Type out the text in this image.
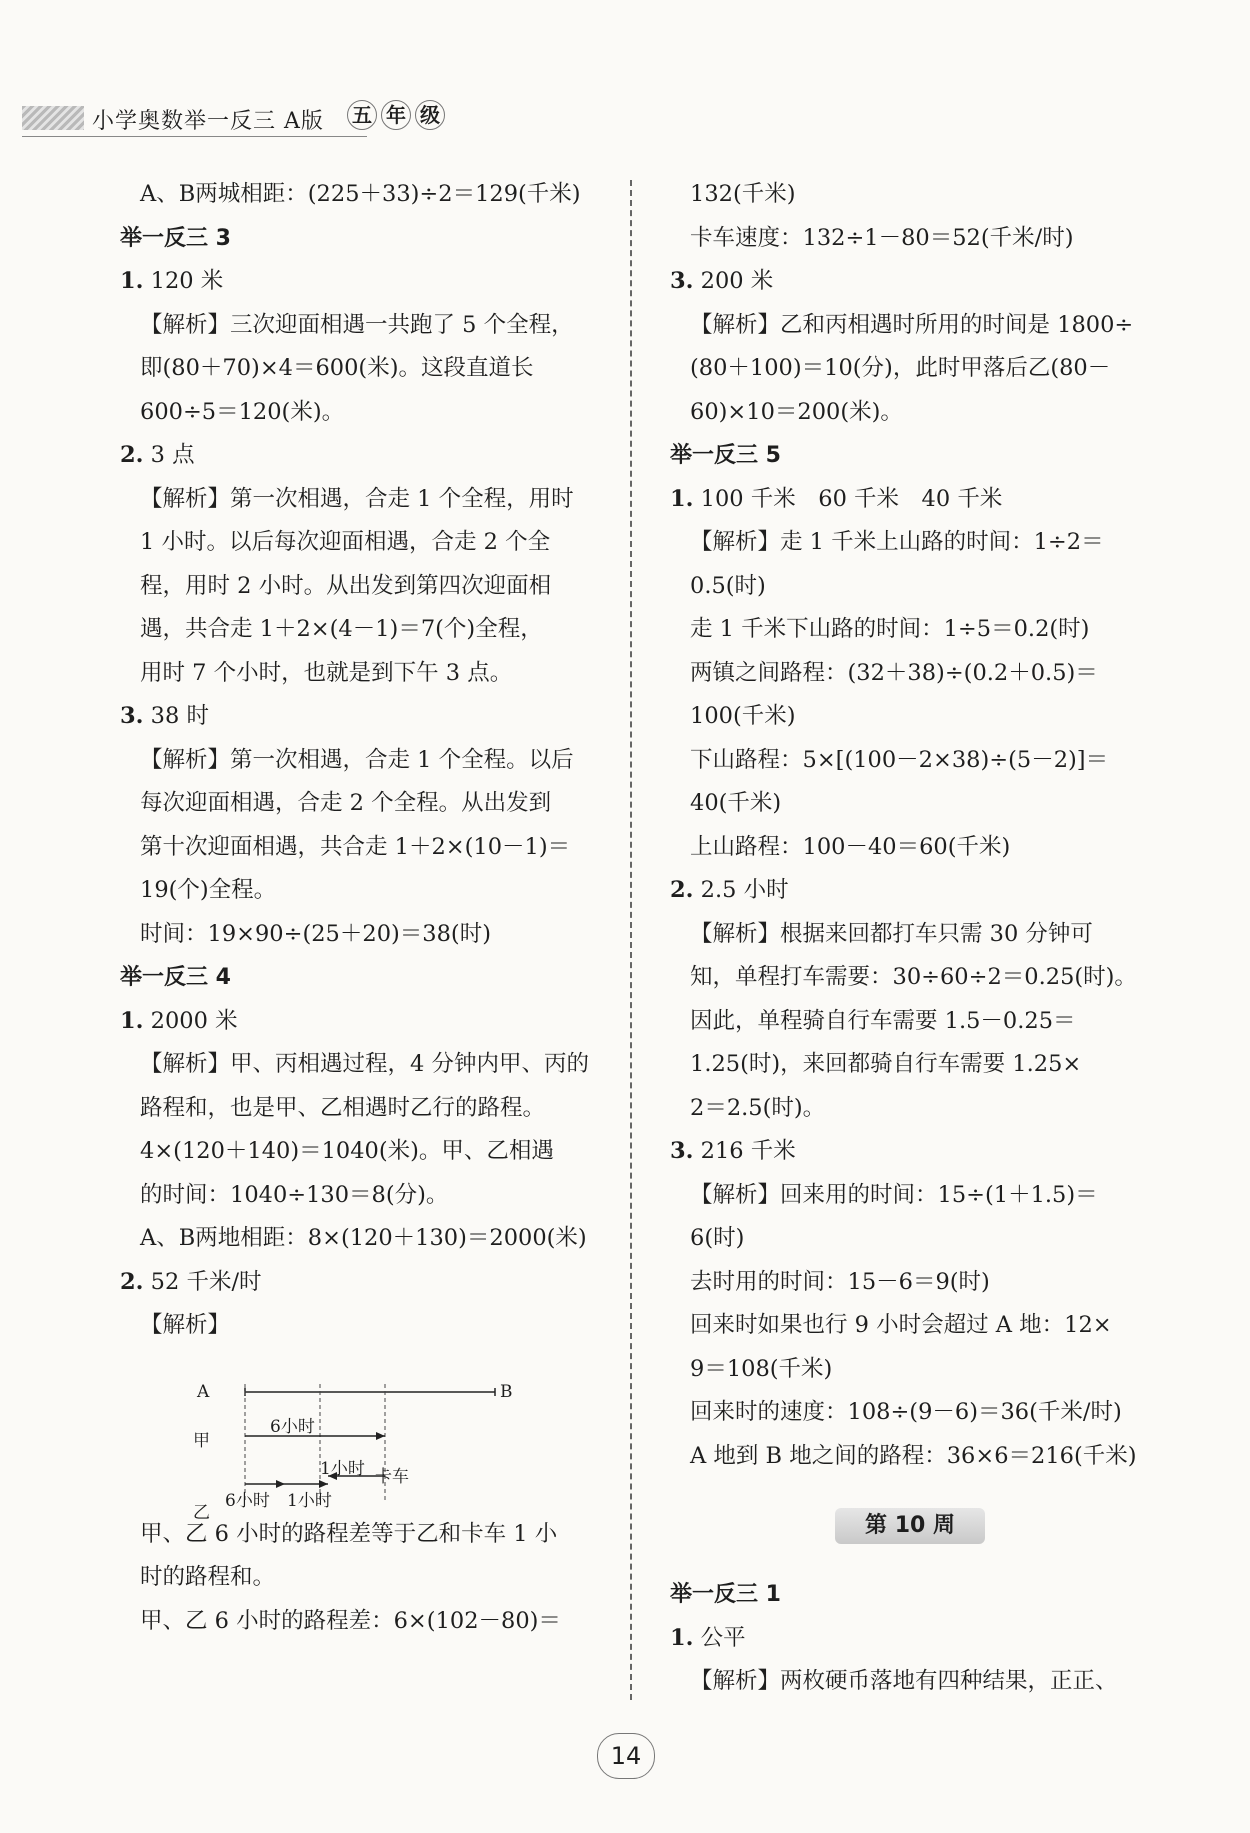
小学奥数举一反三 A版 五 年 级
A、B两城相距：(225＋33)÷2＝129(千米)
举一反三 3
1. 120 米
【解析】三次迎面相遇一共跑了 5 个全程，
即(80＋70)×4＝600(米)。这段直道长
600÷5＝120(米)。
2. 3 点
【解析】第一次相遇，合走 1 个全程，用时
1 小时。以后每次迎面相遇，合走 2 个全
程，用时 2 小时。从出发到第四次迎面相
遇，共合走 1＋2×(4－1)＝7(个)全程，
用时 7 个小时，也就是到下午 3 点。
3. 38 时
【解析】第一次相遇，合走 1 个全程。以后
每次迎面相遇，合走 2 个全程。从出发到
第十次迎面相遇，共合走 1＋2×(10－1)＝
19(个)全程。
时间：19×90÷(25＋20)＝38(时)
举一反三 4
1. 2000 米
【解析】甲、丙相遇过程，4 分钟内甲、丙的
路程和，也是甲、乙相遇时乙行的路程。
4×(120＋140)＝1040(米)。甲、乙相遇
的时间：1040÷130＝8(分)。
A、B两地相距：8×(120＋130)＝2000(米)
2. 52 千米/时
【解析】
甲、乙 6 小时的路程差等于乙和卡车 1 小
时的路程和。
甲、乙 6 小时的路程差：6×(102－80)＝
A	B
甲
乙
6小时
1小时 卡车
6小时 1小时
132(千米)
卡车速度：132÷1－80＝52(千米/时)
3. 200 米
【解析】乙和丙相遇时所用的时间是 1800÷
(80＋100)＝10(分)，此时甲落后乙(80－
60)×10＝200(米)。
举一反三 5
1. 100 千米　60 千米　40 千米
【解析】走 1 千米上山路的时间：1÷2＝
0.5(时)
走 1 千米下山路的时间：1÷5＝0.2(时)
两镇之间路程：(32＋38)÷(0.2＋0.5)＝
100(千米)
下山路程：5×[(100－2×38)÷(5－2)]＝
40(千米)
上山路程：100－40＝60(千米)
2. 2.5 小时
【解析】根据来回都打车只需 30 分钟可
知，单程打车需要：30÷60÷2＝0.25(时)。
因此，单程骑自行车需要 1.5－0.25＝
1.25(时)，来回都骑自行车需要 1.25×
2＝2.5(时)。
3. 216 千米
【解析】回来用的时间：15÷(1＋1.5)＝
6(时)
去时用的时间：15－6＝9(时)
回来时如果也行 9 小时会超过 A 地：12×
9＝108(千米)
回来时的速度：108÷(9－6)＝36(千米/时)
A 地到 B 地之间的路程：36×6＝216(千米)
举一反三 1
1. 公平
【解析】两枚硬币落地有四种结果，正正、
第 10 周
14
